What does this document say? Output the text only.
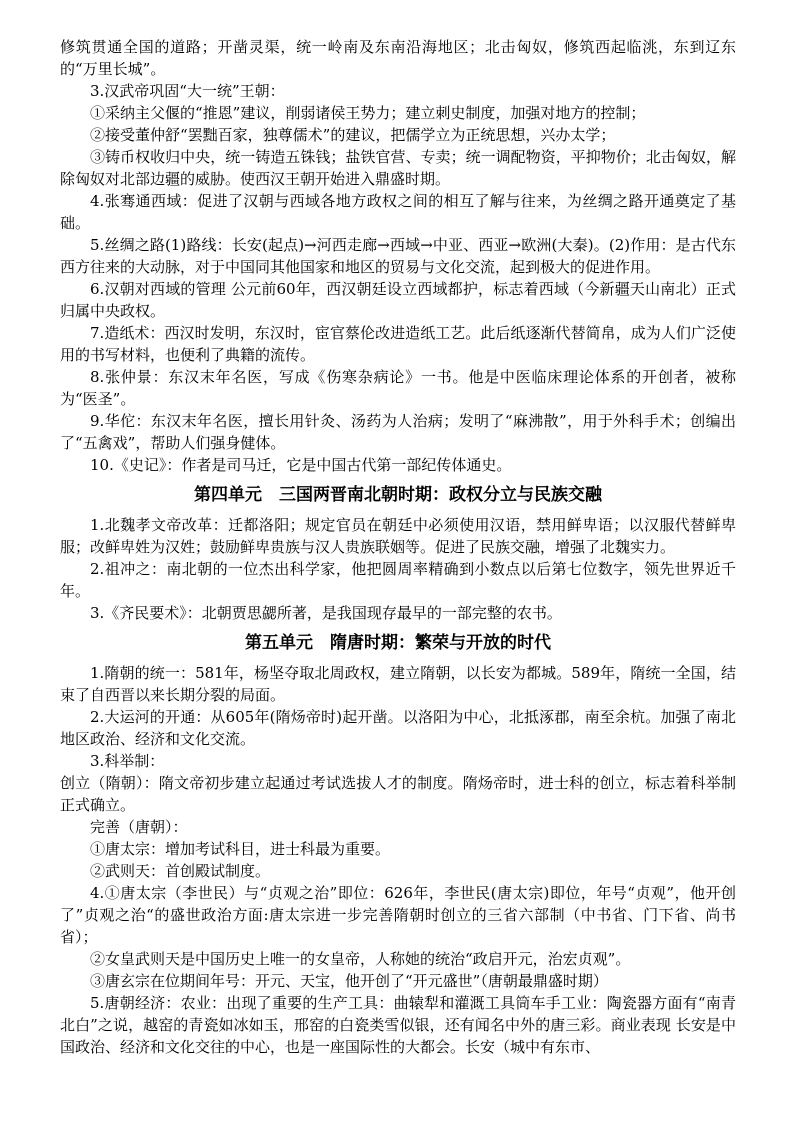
修筑贯通全国的道路；开凿灵渠，统一岭南及东南沿海地区；北击匈奴，修筑西起临洮，东到辽东的“万里长城”。

3.汉武帝巩固“大一统”王朝：

①采纳主父偃的“推恩”建议，削弱诸侯王势力；建立刺史制度，加强对地方的控制；

②接受董仲舒“罢黜百家，独尊儒术”的建议，把儒学立为正统思想，兴办太学；

③铸币权收归中央，统一铸造五铢钱；盐铁官营、专卖；统一调配物资，平抑物价；北击匈奴，解除匈奴对北部边疆的威胁。使西汉王朝开始进入鼎盛时期。

4.张骞通西域：促进了汉朝与西域各地方政权之间的相互了解与往来，为丝绸之路开通奠定了基础。

5.丝绸之路(1)路线：长安(起点)→河西走廊→西域→中亚、西亚→欧洲(大秦)。(2)作用：是古代东西方往来的大动脉，对于中国同其他国家和地区的贸易与文化交流，起到极大的促进作用。

6.汉朝对西域的管理 公元前60年，西汉朝廷设立西域都护，标志着西域（今新疆天山南北）正式归属中央政权。

7.造纸术：西汉时发明，东汉时，宦官蔡伦改进造纸工艺。此后纸逐渐代替简帛，成为人们广泛使用的书写材料，也便利了典籍的流传。

8.张仲景：东汉末年名医，写成《伤寒杂病论》一书。他是中医临床理论体系的开创者，被称为“医圣”。

9.华佗：东汉末年名医，擅长用针灸、汤药为人治病；发明了“麻沸散”，用于外科手术；创编出了“五禽戏”，帮助人们强身健体。

10.《史记》：作者是司马迁，它是中国古代第一部纪传体通史。

第四单元　三国两晋南北朝时期：政权分立与民族交融

1.北魏孝文帝改革：迁都洛阳；规定官员在朝廷中必须使用汉语，禁用鲜卑语；以汉服代替鲜卑服；改鲜卑姓为汉姓；鼓励鲜卑贵族与汉人贵族联姻等。促进了民族交融，增强了北魏实力。

2.祖冲之：南北朝的一位杰出科学家，他把圆周率精确到小数点以后第七位数字，领先世界近千年。

3.《齐民要术》：北朝贾思勰所著，是我国现存最早的一部完整的农书。

第五单元　隋唐时期：繁荣与开放的时代

1.隋朝的统一：581年，杨坚夺取北周政权，建立隋朝，以长安为都城。589年，隋统一全国，结束了自西晋以来长期分裂的局面。

2.大运河的开通：从605年(隋炀帝时)起开凿。以洛阳为中心，北抵涿郡，南至余杭。加强了南北地区政治、经济和文化交流。

3.科举制：

创立（隋朝）：隋文帝初步建立起通过考试选拔人才的制度。隋炀帝时，进士科的创立，标志着科举制正式确立。

完善（唐朝）：

①唐太宗：增加考试科目，进士科最为重要。

②武则天：首创殿试制度。

4.①唐太宗（李世民）与“贞观之治”即位：626年，李世民(唐太宗)即位，年号“贞观”，他开创了”贞观之治“的盛世政治方面:唐太宗进一步完善隋朝时创立的三省六部制（中书省、门下省、尚书省）；

②女皇武则天是中国历史上唯一的女皇帝，人称她的统治“政启开元，治宏贞观”。

③唐玄宗在位期间年号：开元、天宝，他开创了“开元盛世”（唐朝最鼎盛时期）

5.唐朝经济：农业：出现了重要的生产工具：曲辕犁和灌溉工具筒车手工业：陶瓷器方面有“南青北白”之说，越窑的青瓷如冰如玉，邢窑的白瓷类雪似银，还有闻名中外的唐三彩。商业表现 长安是中国政治、经济和文化交往的中心，也是一座国际性的大都会。长安（城中有东市、
